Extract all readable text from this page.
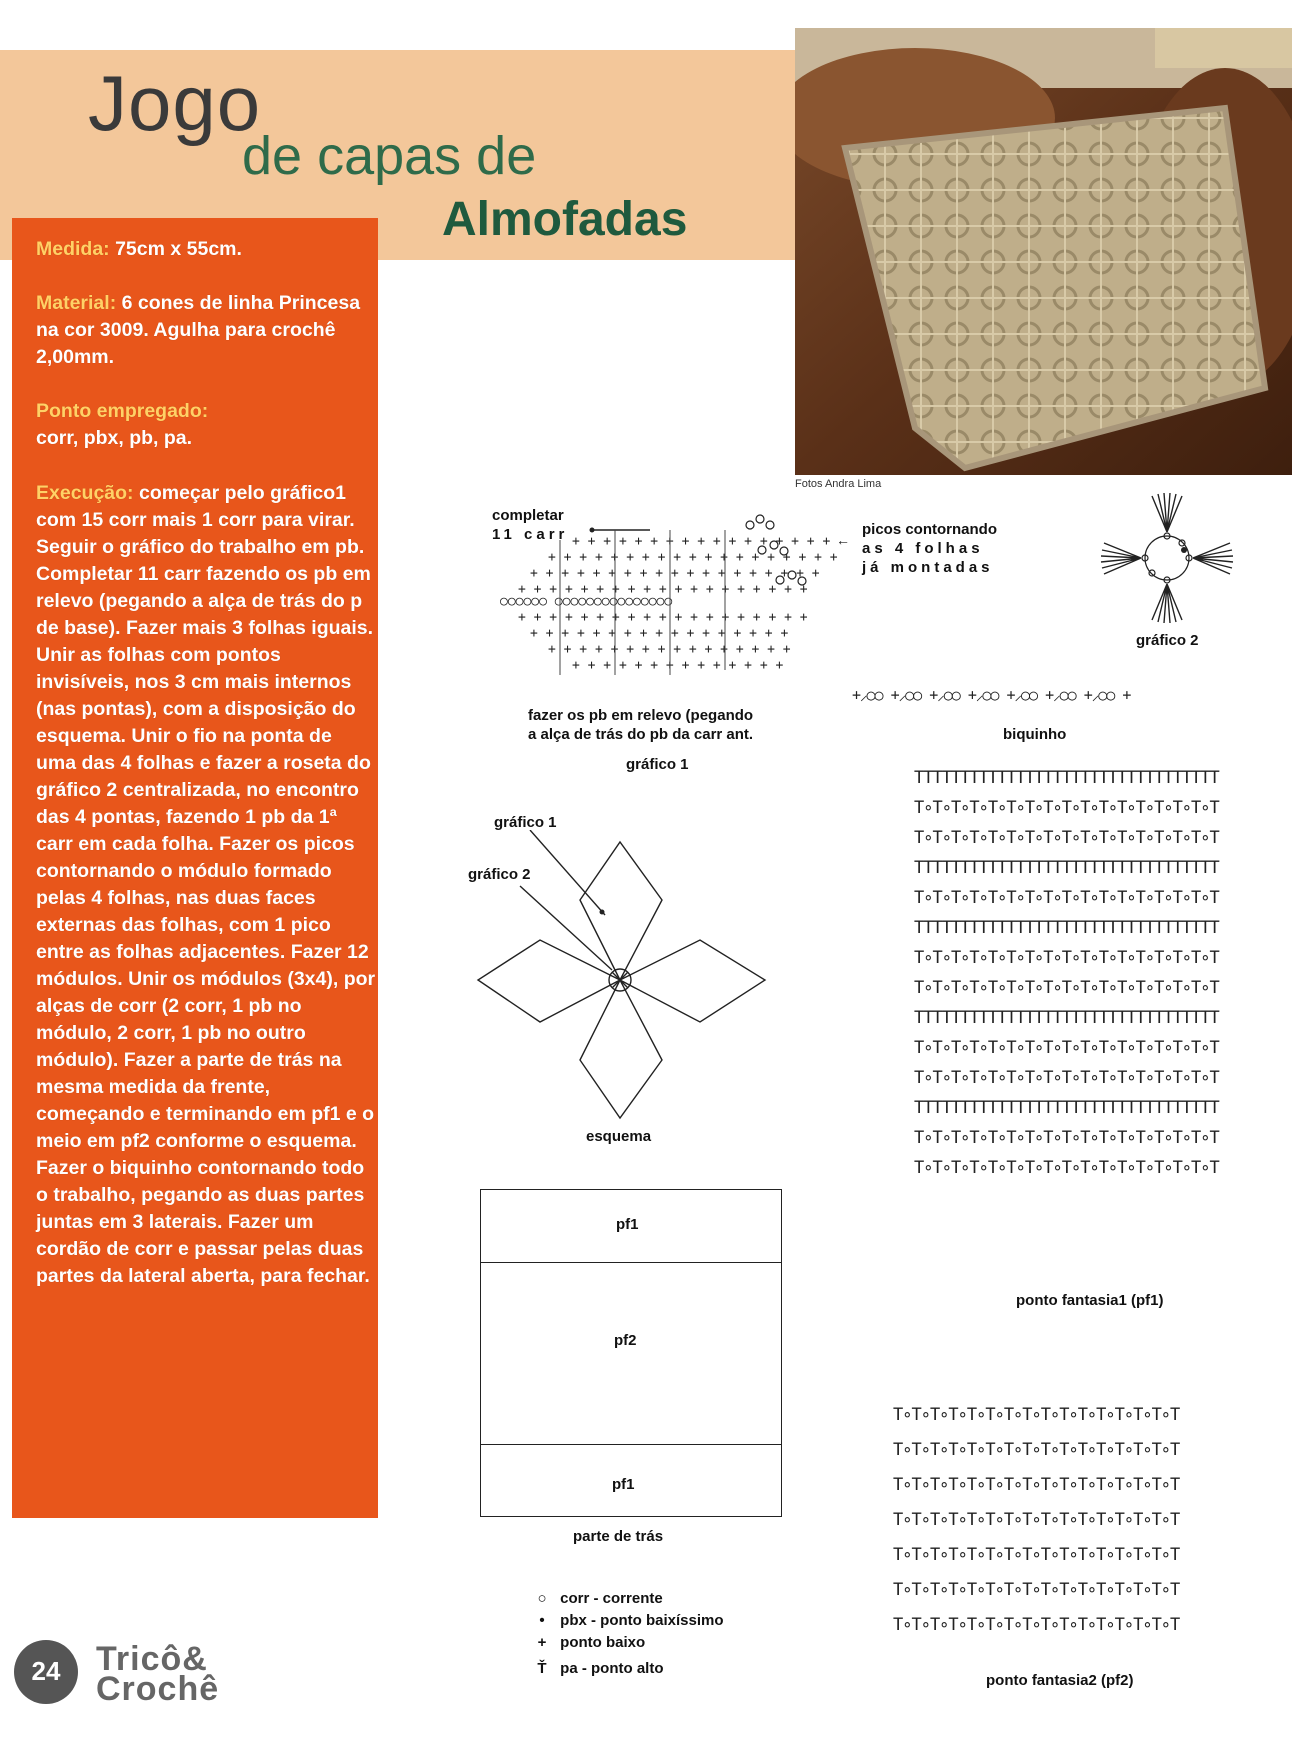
Jogo
de capas de
Almofadas
Fotos Andra Lima
Medida: 75cm x 55cm.
Material: 6 cones de linha Princesa na cor 3009. Agulha para crochê 2,00mm.
Ponto empregado:
corr, pbx, pb, pa.
Execução: começar pelo gráfico1 com 15 corr mais 1 corr para virar. Seguir o gráfico do trabalho em pb. Completar 11 carr fazendo os pb em relevo (pegando a alça de trás do p de base). Fazer mais 3 folhas iguais. Unir as folhas com pontos invisíveis, nos 3 cm mais internos (nas pontas), com a disposição do esquema. Unir o fio na ponta de uma das 4 folhas e fazer a roseta do gráfico 2 centralizada, no encontro das 4 pontas, fazendo 1 pb da 1ª carr em cada folha. Fazer os picos contornando o módulo formado pelas 4 folhas, nas duas faces externas das folhas, com 1 pico entre as folhas adjacentes. Fazer 12 módulos. Unir os módulos (3x4), por alças de corr (2 corr, 1 pb no módulo, 2 corr, 1 pb no outro módulo). Fazer a parte de trás na mesma medida da frente, começando e terminando em pf1 e o meio em pf2 conforme o esquema. Fazer o biquinho contornando todo o trabalho, pegando as duas partes juntas em 3 laterais. Fazer um cordão de corr e passar pelas duas partes da lateral aberta, para fechar.
completar
11 carr
○○○○○○ ○○○○○○○○○○○○○○○
+ + + + + + + + + + + + + + + + + + +
+ + + + + + + + + + + + + + + + + + +
+ + + + + + + + + + + + + + + + + + +
+ + + + + + + + + + + + + + + + +
+ + + + + + + + + + + + + + + + + + +
+ + + + + + + + + + + + + + + + +
+ + + + + + + + + + + + + + + +
+ + + + + + + + + + + + + +
fazer os pb em relevo (pegando
a alça de trás do pb da carr ant.
gráfico 1
←
picos contornando
as 4 folhas
já montadas
gráfico 2
+⸝○○ +⸝○○ +⸝○○ +⸝○○ +⸝○○ +⸝○○ +⸝○○ +
biquinho
ΤΤΤΤΤΤΤΤΤΤΤΤΤΤΤΤΤΤΤΤΤΤΤΤΤΤΤΤΤΤΤΤΤ
Τ∘Τ∘Τ∘Τ∘Τ∘Τ∘Τ∘Τ∘Τ∘Τ∘Τ∘Τ∘Τ∘Τ∘Τ∘Τ∘Τ
Τ∘Τ∘Τ∘Τ∘Τ∘Τ∘Τ∘Τ∘Τ∘Τ∘Τ∘Τ∘Τ∘Τ∘Τ∘Τ∘Τ
ΤΤΤΤΤΤΤΤΤΤΤΤΤΤΤΤΤΤΤΤΤΤΤΤΤΤΤΤΤΤΤΤΤ
Τ∘Τ∘Τ∘Τ∘Τ∘Τ∘Τ∘Τ∘Τ∘Τ∘Τ∘Τ∘Τ∘Τ∘Τ∘Τ∘Τ
ΤΤΤΤΤΤΤΤΤΤΤΤΤΤΤΤΤΤΤΤΤΤΤΤΤΤΤΤΤΤΤΤΤ
Τ∘Τ∘Τ∘Τ∘Τ∘Τ∘Τ∘Τ∘Τ∘Τ∘Τ∘Τ∘Τ∘Τ∘Τ∘Τ∘Τ
Τ∘Τ∘Τ∘Τ∘Τ∘Τ∘Τ∘Τ∘Τ∘Τ∘Τ∘Τ∘Τ∘Τ∘Τ∘Τ∘Τ
ΤΤΤΤΤΤΤΤΤΤΤΤΤΤΤΤΤΤΤΤΤΤΤΤΤΤΤΤΤΤΤΤΤ
Τ∘Τ∘Τ∘Τ∘Τ∘Τ∘Τ∘Τ∘Τ∘Τ∘Τ∘Τ∘Τ∘Τ∘Τ∘Τ∘Τ
Τ∘Τ∘Τ∘Τ∘Τ∘Τ∘Τ∘Τ∘Τ∘Τ∘Τ∘Τ∘Τ∘Τ∘Τ∘Τ∘Τ
ΤΤΤΤΤΤΤΤΤΤΤΤΤΤΤΤΤΤΤΤΤΤΤΤΤΤΤΤΤΤΤΤΤ
Τ∘Τ∘Τ∘Τ∘Τ∘Τ∘Τ∘Τ∘Τ∘Τ∘Τ∘Τ∘Τ∘Τ∘Τ∘Τ∘Τ
Τ∘Τ∘Τ∘Τ∘Τ∘Τ∘Τ∘Τ∘Τ∘Τ∘Τ∘Τ∘Τ∘Τ∘Τ∘Τ∘Τ
ponto fantasia1 (pf1)
gráfico 1
gráfico 2
esquema
pf1
pf2
pf1
parte de trás
Τ∘Τ∘Τ∘Τ∘Τ∘Τ∘Τ∘Τ∘Τ∘Τ∘Τ∘Τ∘Τ∘Τ∘Τ∘Τ
Τ∘Τ∘Τ∘Τ∘Τ∘Τ∘Τ∘Τ∘Τ∘Τ∘Τ∘Τ∘Τ∘Τ∘Τ∘Τ
Τ∘Τ∘Τ∘Τ∘Τ∘Τ∘Τ∘Τ∘Τ∘Τ∘Τ∘Τ∘Τ∘Τ∘Τ∘Τ
Τ∘Τ∘Τ∘Τ∘Τ∘Τ∘Τ∘Τ∘Τ∘Τ∘Τ∘Τ∘Τ∘Τ∘Τ∘Τ
Τ∘Τ∘Τ∘Τ∘Τ∘Τ∘Τ∘Τ∘Τ∘Τ∘Τ∘Τ∘Τ∘Τ∘Τ∘Τ
Τ∘Τ∘Τ∘Τ∘Τ∘Τ∘Τ∘Τ∘Τ∘Τ∘Τ∘Τ∘Τ∘Τ∘Τ∘Τ
Τ∘Τ∘Τ∘Τ∘Τ∘Τ∘Τ∘Τ∘Τ∘Τ∘Τ∘Τ∘Τ∘Τ∘Τ∘Τ
ponto fantasia2 (pf2)
○ corr - corrente
• pbx - ponto baixíssimo
+ ponto baixo
Ť pa - ponto alto
24	Tricô&
Crochê
